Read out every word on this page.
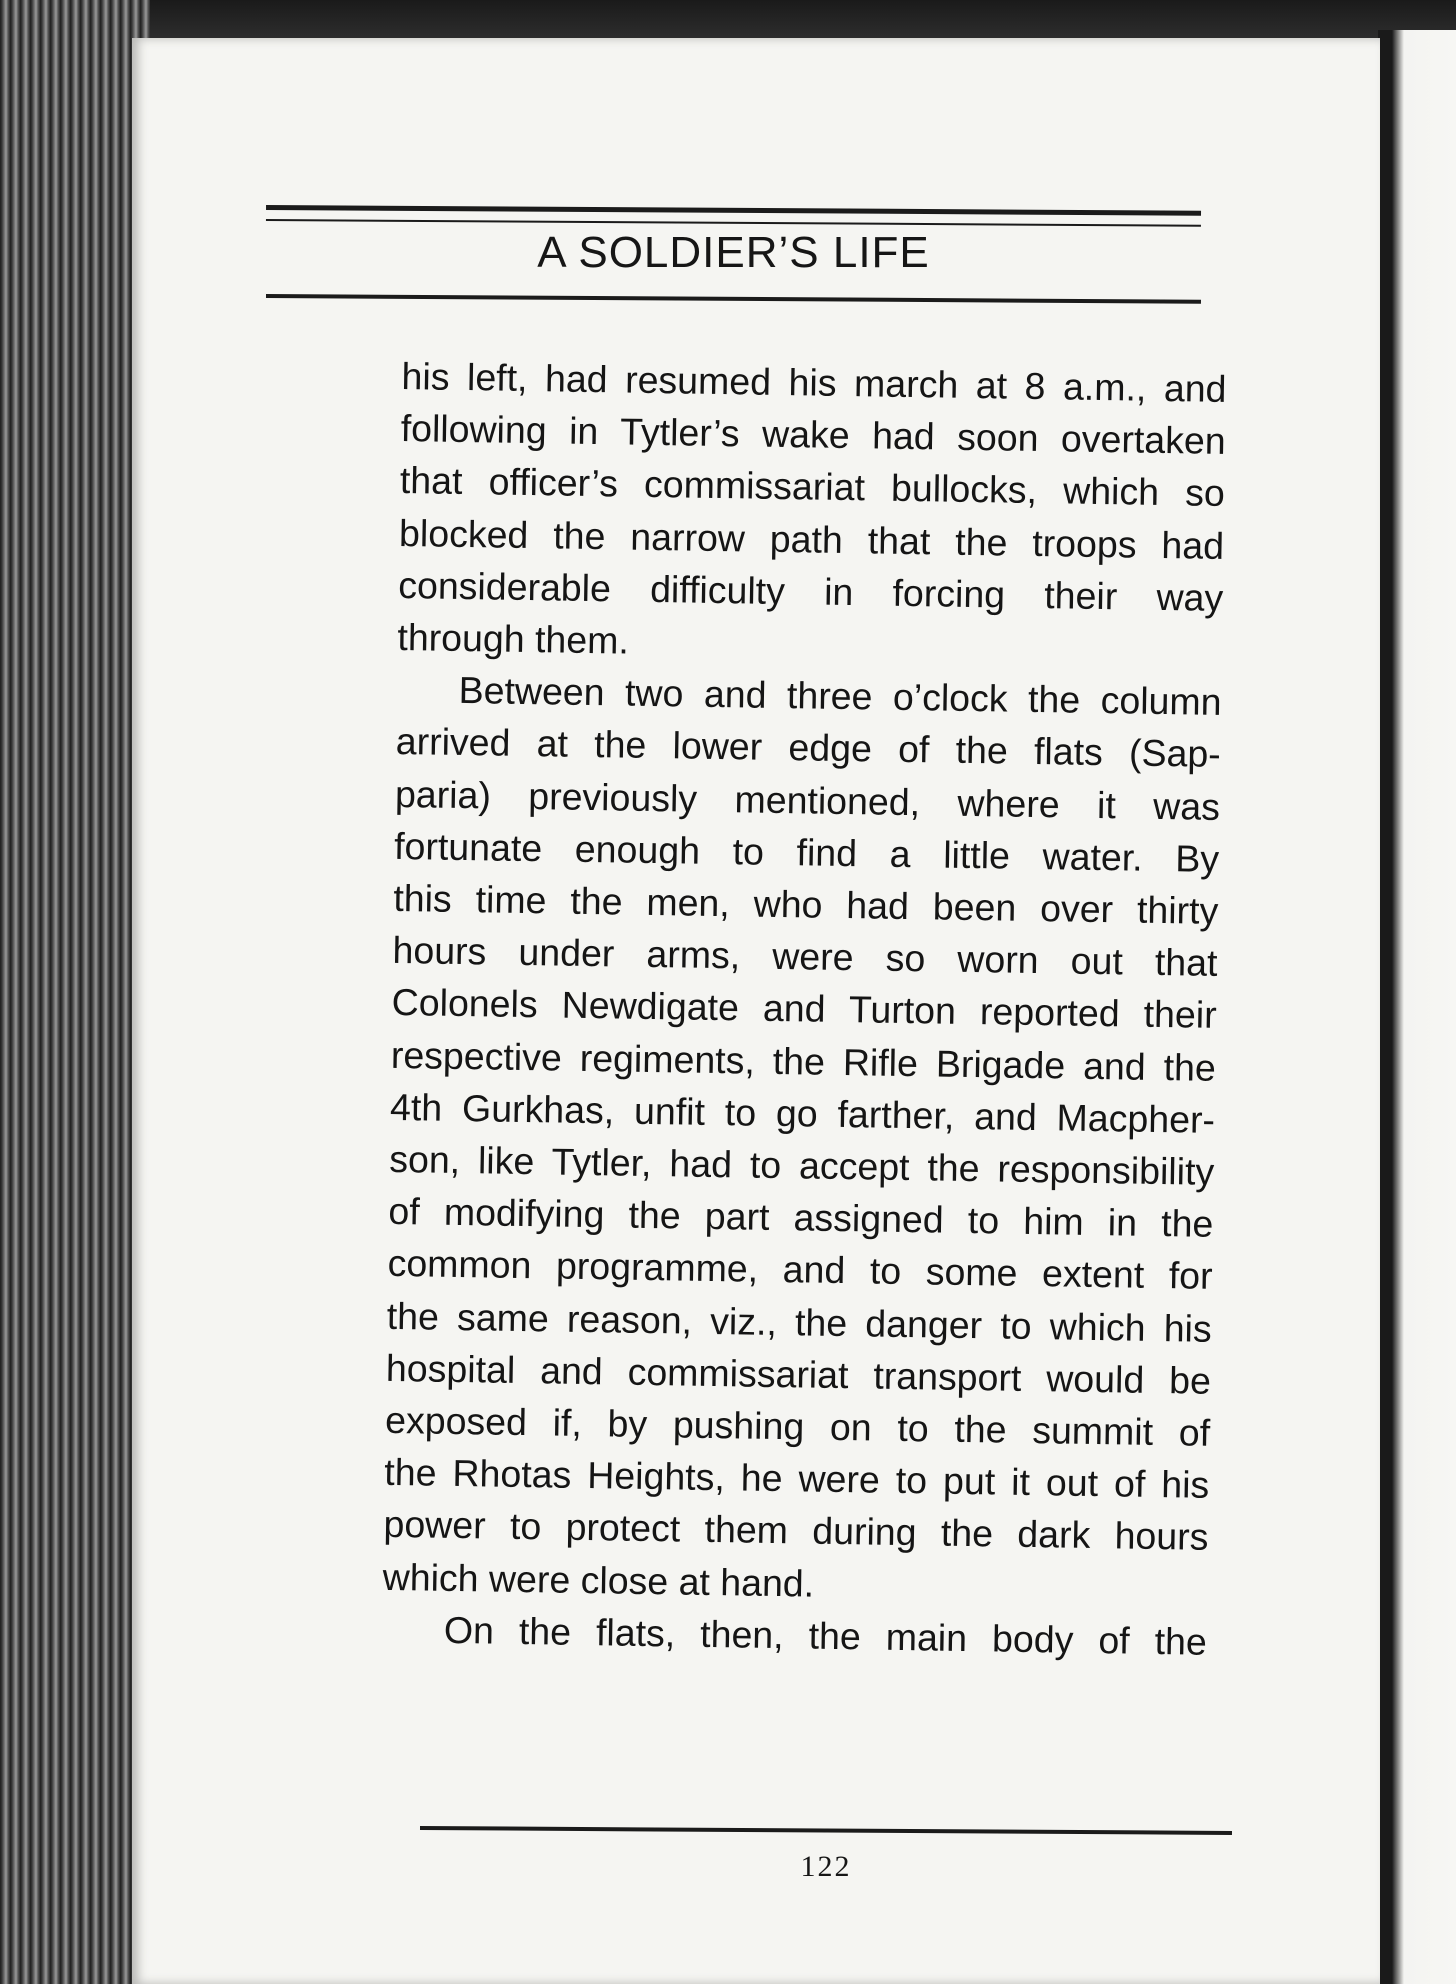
A SOLDIER’S LIFE

his left, had resumed his march at 8 a.m., and

following in Tytler’s wake had soon overtaken

that officer’s commissariat bullocks, which so

blocked the narrow path that the troops had

considerable difficulty in forcing their way

through them.

Between two and three o’clock the column

arrived at the lower edge of the flats (Sap-

paria) previously mentioned, where it was

fortunate enough to find a little water. By

this time the men, who had been over thirty

hours under arms, were so worn out that

Colonels Newdigate and Turton reported their

respective regiments, the Rifle Brigade and the

4th Gurkhas, unfit to go farther, and Macpher-

son, like Tytler, had to accept the responsibility

of modifying the part assigned to him in the

common programme, and to some extent for

the same reason, viz., the danger to which his

hospital and commissariat transport would be

exposed if, by pushing on to the summit of

the Rhotas Heights, he were to put it out of his

power to protect them during the dark hours

which were close at hand.

On the flats, then, the main body of the

122
